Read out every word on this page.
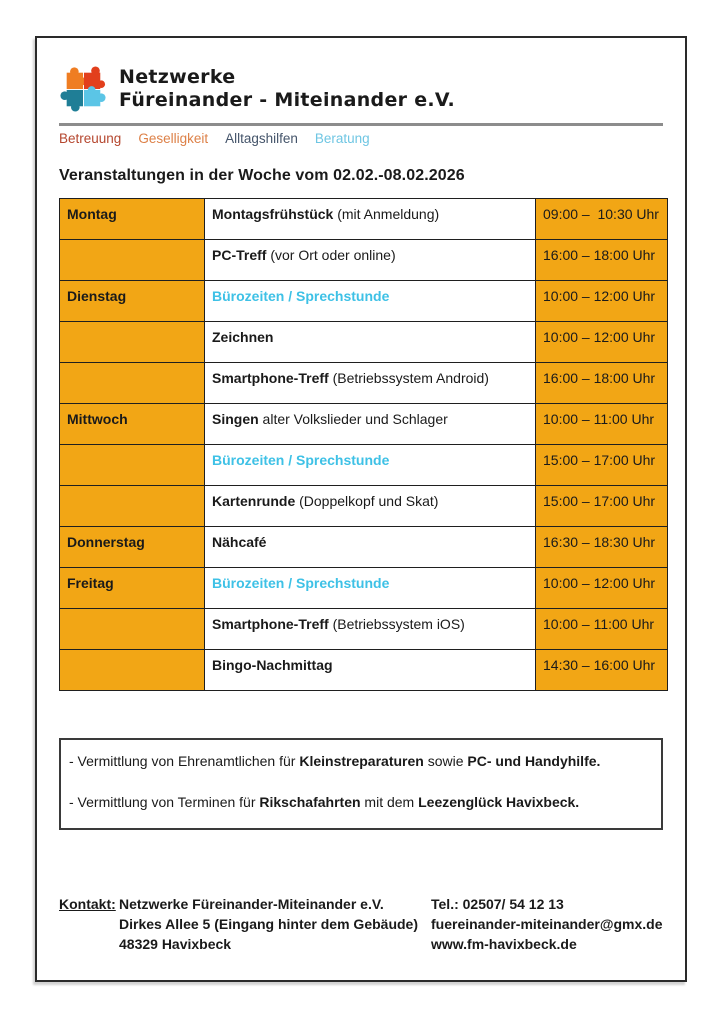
Netzwerke
Füreinander - Miteinander e.V.
Betreuung Geselligkeit Alltagshilfen Beratung
Veranstaltungen in der Woche vom 02.02.-08.02.2026
Montag	Montagsfrühstück (mit Anmeldung)	09:00 –  10:30 Uhr
	PC-Treff (vor Ort oder online)	16:00 – 18:00 Uhr
Dienstag	Bürozeiten / Sprechstunde	10:00 – 12:00 Uhr
	Zeichnen	10:00 – 12:00 Uhr
	Smartphone-Treff (Betriebssystem Android)	16:00 – 18:00 Uhr
Mittwoch	Singen alter Volkslieder und Schlager	10:00 – 11:00 Uhr
	Bürozeiten / Sprechstunde	15:00 – 17:00 Uhr
	Kartenrunde (Doppelkopf und Skat)	15:00 – 17:00 Uhr
Donnerstag	Nähcafé	16:30 – 18:30 Uhr
Freitag	Bürozeiten / Sprechstunde	10:00 – 12:00 Uhr
	Smartphone-Treff (Betriebssystem iOS)	10:00 – 11:00 Uhr
	Bingo-Nachmittag	14:30 – 16:00 Uhr

- Vermittlung von Ehrenamtlichen für Kleinstreparaturen sowie PC- und Handyhilfe.

- Vermittlung von Terminen für Rikschafahrten mit dem Leezenglück Havixbeck.

Kontakt: Netzwerke Füreinander-Miteinander e.V.
Dirkes Allee 5 (Eingang hinter dem Gebäude)
48329 Havixbeck
Tel.: 02507/ 54 12 13
fuereinander-miteinander@gmx.de
www.fm-havixbeck.de
